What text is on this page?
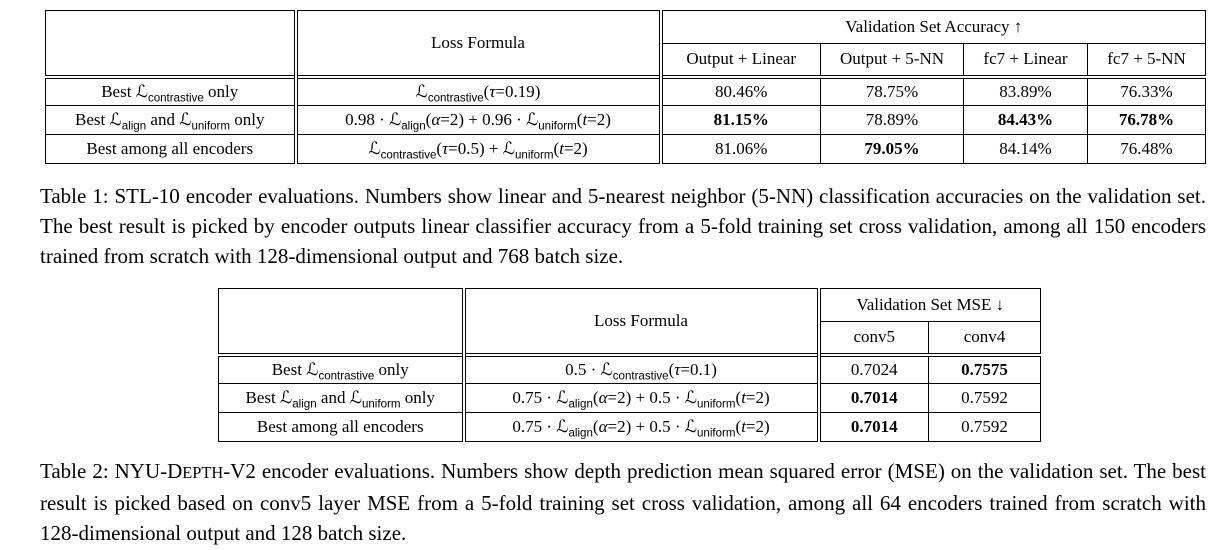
	Loss Formula	Validation Set Accuracy ↑			
		Output + Linear	Output + 5-NN	fc7 + Linear	fc7 + 5-NN
Best ℒ$_{contrastive}$ only	ℒ$_{contrastive}$(τ=0.19)	80.46%	78.75%	83.89%	76.33%
Best ℒ$_{align}$ and ℒ$_{uniform}$ only	0.98 · ℒ$_{align}$(α=2) + 0.96 · ℒ$_{uniform}$(t=2)	81.15%	78.89%	84.43%	76.78%
Best among all encoders	ℒ$_{contrastive}$(τ=0.5) + ℒ$_{uniform}$(t=2)	81.06%	79.05%	84.14%	76.48%

Table 1: STL-10 encoder evaluations. Numbers show linear and 5-nearest neighbor (5-NN) classification accuracies on the validation set. The best result is picked by encoder outputs linear classifier accuracy from a 5-fold training set cross validation, among all 150 encoders trained from scratch with 128-dimensional output and 768 batch size.

	Loss Formula	Validation Set MSE ↓	
		conv5	conv4
Best ℒ$_{contrastive}$ only	0.5 · ℒ$_{contrastive}$(τ=0.1)	0.7024	0.7575
Best ℒ$_{align}$ and ℒ$_{uniform}$ only	0.75 · ℒ$_{align}$(α=2) + 0.5 · ℒ$_{uniform}$(t=2)	0.7014	0.7592
Best among all encoders	0.75 · ℒ$_{align}$(α=2) + 0.5 · ℒ$_{uniform}$(t=2)	0.7014	0.7592

Table 2: NYU-DEPTH-V2 encoder evaluations. Numbers show depth prediction mean squared error (MSE) on the validation set. The best result is picked based on conv5 layer MSE from a 5-fold training set cross validation, among all 64 encoders trained from scratch with 128-dimensional output and 128 batch size.
